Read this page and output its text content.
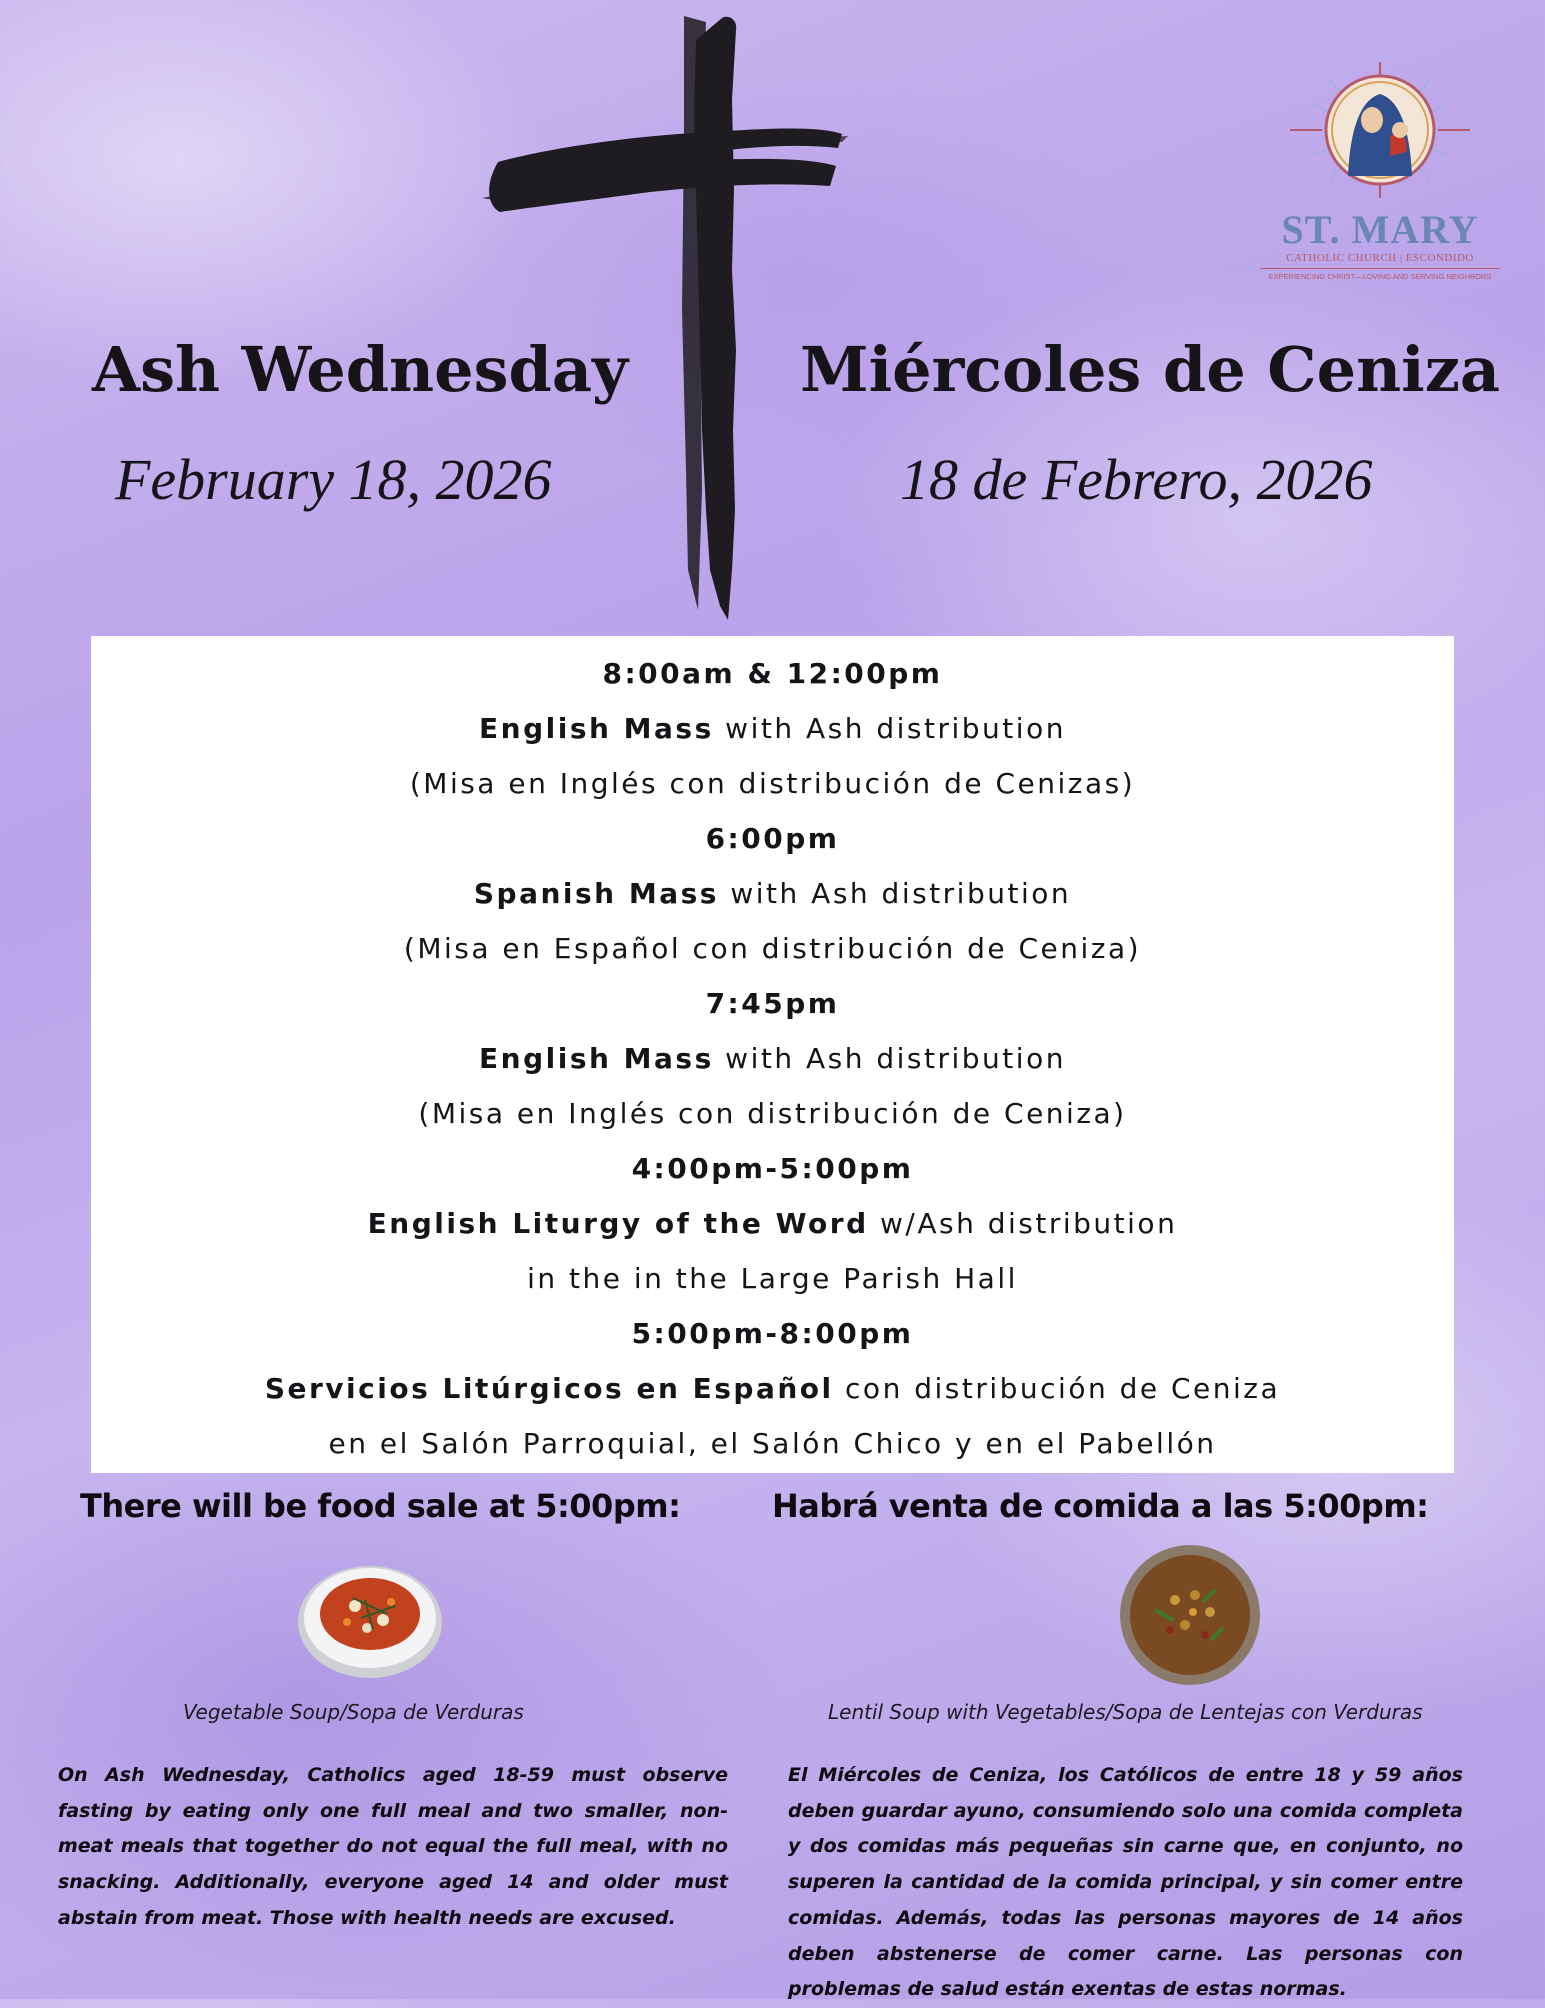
ST. MARY
CATHOLIC CHURCH | ESCONDIDO
EXPERIENCING CHRIST—LOVING AND SERVING NEIGHBORS
Ash Wednesday	Miércoles de Ceniza
February 18, 2026	18 de Febrero, 2026
8:00am & 12:00pm
English Mass with Ash distribution
(Misa en Inglés con distribución de Cenizas)
6:00pm
Spanish Mass with Ash distribution
(Misa en Español con distribución de Ceniza)
7:45pm
English Mass with Ash distribution
(Misa en Inglés con distribución de Ceniza)
4:00pm-5:00pm
English Liturgy of the Word w/Ash distribution
in the in the Large Parish Hall
5:00pm-8:00pm
Servicios Litúrgicos en Español con distribución de Ceniza
en el Salón Parroquial, el Salón Chico y en el Pabellón
There will be food sale at 5:00pm:	Habrá venta de comida a las 5:00pm:
Vegetable Soup/Sopa de Verduras	Lentil Soup with Vegetables/Sopa de Lentejas con Verduras
On Ash Wednesday, Catholics aged 18-59 must observe fasting by eating only one full meal and two smaller, non-meat meals that together do not equal the full meal, with no snacking. Additionally, everyone aged 14 and older must abstain from meat. Those with health needs are excused.
El Miércoles de Ceniza, los Católicos de entre 18 y 59 años deben guardar ayuno, consumiendo solo una comida completa y dos comidas más pequeñas sin carne que, en conjunto, no superen la cantidad de la comida principal, y sin comer entre comidas. Además, todas las personas mayores de 14 años deben abstenerse de comer carne. Las personas con problemas de salud están exentas de estas normas.
